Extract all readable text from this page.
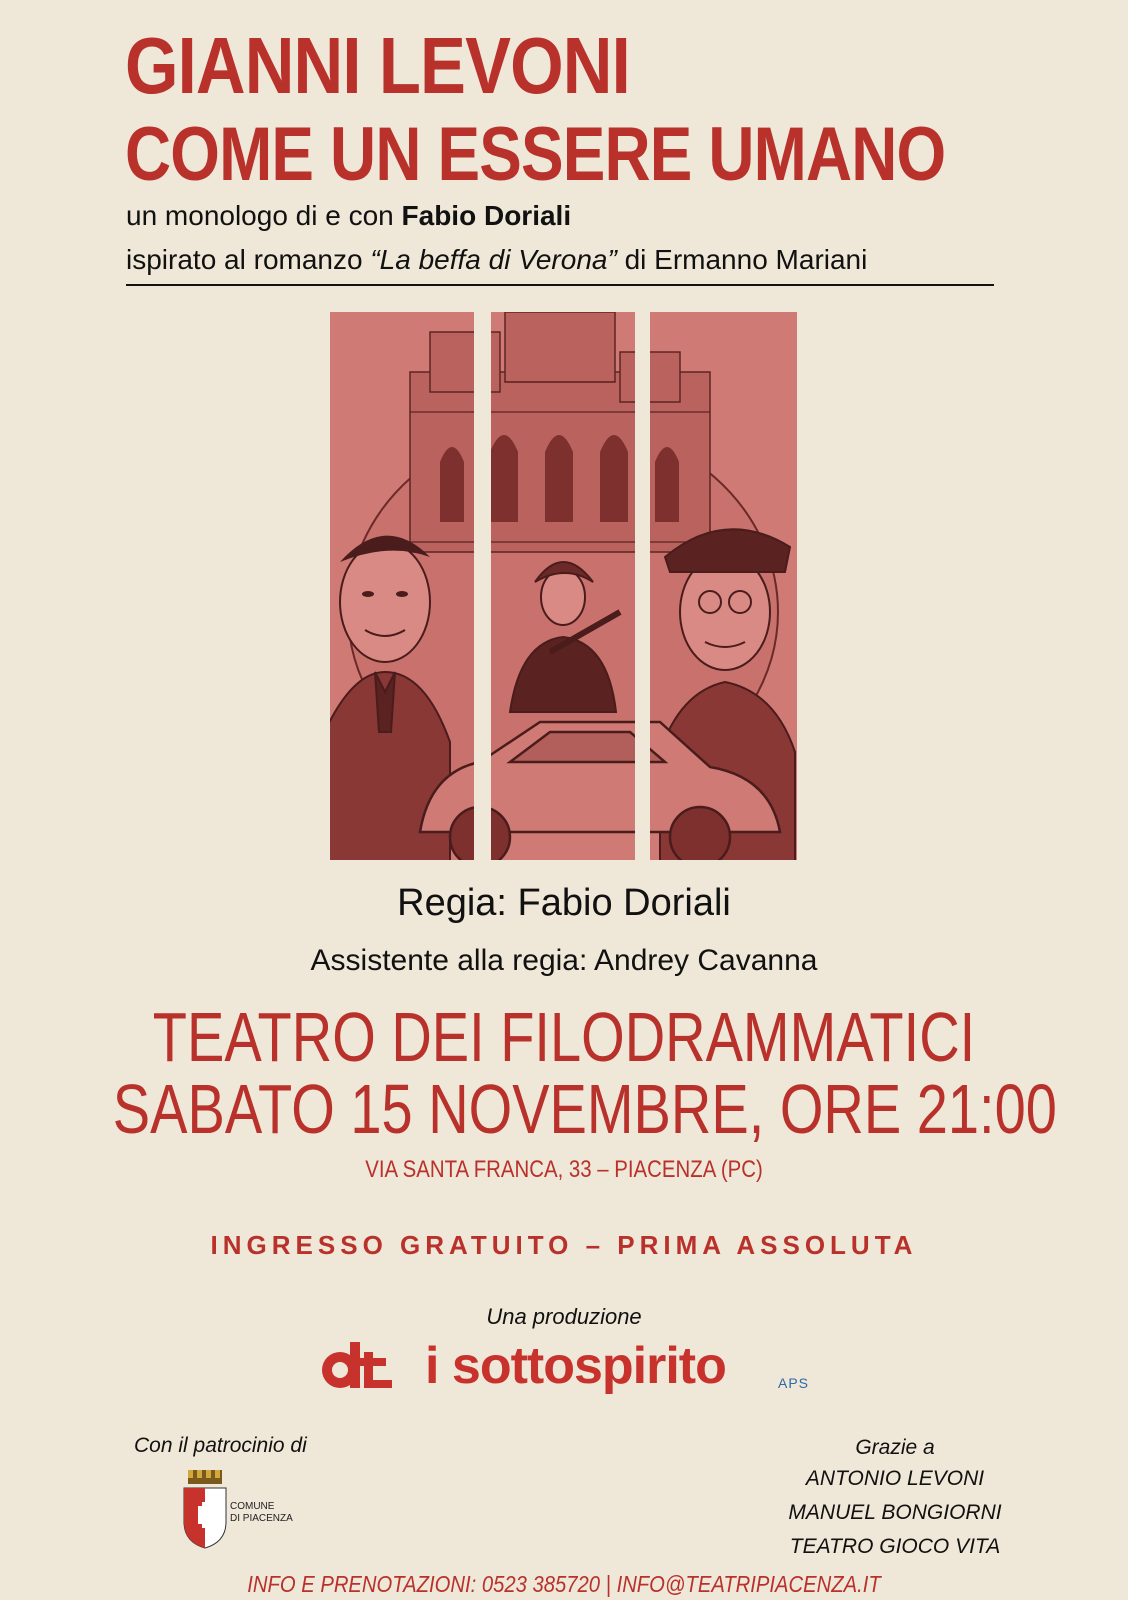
GIANNI LEVONI
COME UN ESSERE UMANO
un monologo di e con Fabio Doriali
ispirato al romanzo “La beffa di Verona” di Ermanno Mariani
Regia: Fabio Doriali
Assistente alla regia: Andrey Cavanna
TEATRO DEI FILODRAMMATICI
SABATO 15 NOVEMBRE, ORE 21:00
VIA SANTA FRANCA, 33 – PIACENZA (PC)
INGRESSO GRATUITO – PRIMA ASSOLUTA
Una produzione
dt i sottospirito	APS
Con il patrocinio di
COMUNE
DI PIACENZA
Grazie a
ANTONIO LEVONI
MANUEL BONGIORNI
TEATRO GIOCO VITA
INFO E PRENOTAZIONI: 0523 385720 | INFO@TEATRIPIACENZA.IT
